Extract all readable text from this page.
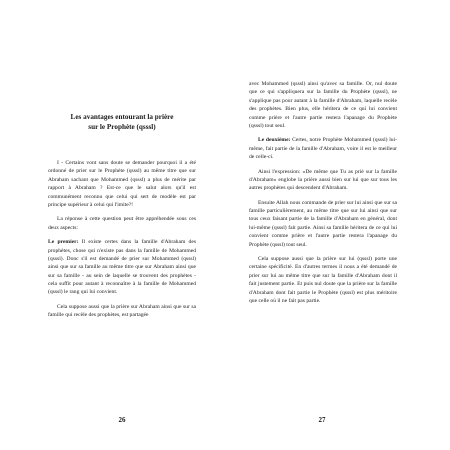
Les avantages entourant la prière
sur le Prophète (qsssl)

I - Certains vont sans doute se demander pourquoi il a été ordonné de prier sur le Prophète (qsssl) au même titre que sur Abraham sachant que Mohammed (qsssl) a plus de mérite par rapport à Abraham ? Est-ce que le salut alors qu'il est communément reconnu que celui qui sert de modèle est par principe supérieur à celui qui l'imite?!

La réponse à cette question peut être appréhendée sous ces deux aspects:

Le premier: Il existe certes dans la famille d'Abraham des prophètes, chose qui n'existe pas dans la famille de Mohammed (qsssl). Donc s'il est demandé de prier sur Mohammed (qsssl) ainsi que sur sa famille au même titre que sur Abraham ainsi que sur sa famille - au sein de laquelle se trouvent des prophètes - cela suffit pour autant à reconnaître à la famille de Mohammed (qsssl) le rang qui lui convient.

Cela suppose aussi que la prière sur Abraham ainsi que sur sa famille qui recèle des prophètes, est partagée

26

avec Mohammed (qsssl) ainsi qu'avec sa famille. Or, nul doute que ce qui s'appliquera sur la famille du Prophète (qsssl), ne s'applique pas pour autant à la famille d'Abraham, laquelle recèle des prophètes. Bien plus, elle héritera de ce qui lui convient comme prière et l'autre partie restera l'apanage du Prophète (qsssl) tout seul.

Le deuxième: Certes, notre Prophète Mohammed (qsssl) lui-même, fait partie de la famille d'Abraham, voire il est le meilleur de celle-ci.

Ainsi l'expression: «De même que Tu as prié sur la famille d'Abraham» englobe la prière aussi bien sur lui que sur tous les autres prophètes qui descendent d'Abraham.

Ensuite Allah nous commande de prier sur lui ainsi que sur sa famille particulièrement, au même titre que sur lui ainsi que sur tous ceux faisant partie de la famille d'Abraham en général, dont lui-même (qsssl) fait partie. Ainsi sa famille héritera de ce qui lui convient comme prière et l'autre partie restera l'apanage du Prophète (qsssl) tout seul.

Cela suppose aussi que la prière sur lui (qsssl) porte une certaine spécificité. En d'autres termes il nous a été demandé de prier sur lui au même titre que sur la famille d'Abraham dont il fait justement partie. Et puis nul doute que la prière sur la famille d'Abraham dont fait partie le Prophète (qsssl) est plus méritoire que celle où il ne fait pas partie.

27
